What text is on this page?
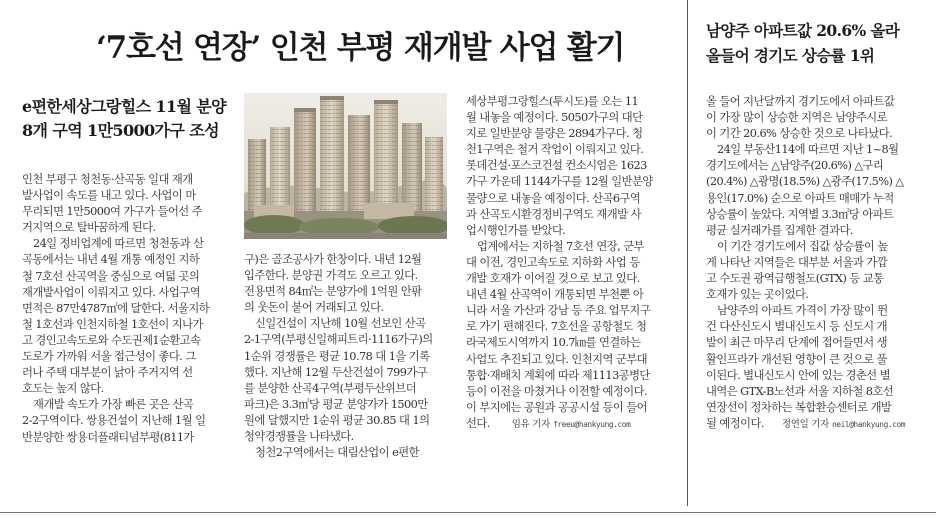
‘7호선 연장’ 인천 부평 재개발 사업 활기
e편한세상그랑힐스 11월 분양
8개 구역 1만5000가구 조성

인천 부평구 청천동·산곡동 일대 재개

발사업이 속도를 내고 있다. 사업이 마

무리되면 1만5000여 가구가 들어선 주

거지역으로 탈바꿈하게 된다.

24일 정비업계에 따르면 청천동과 산

곡동에서는 내년 4월 개통 예정인 지하

철 7호선 산곡역을 중심으로 여덟 곳의

재개발사업이 이뤄지고 있다. 사업구역

면적은 87만4787㎡에 달한다. 서울지하

철 1호선과 인천지하철 1호선이 지나가

고 경인고속도로와 수도권제1순환고속

도로가 가까워 서울 접근성이 좋다. 그

러나 주택 대부분이 낡아 주거지역 선

호도는 높지 않다.

재개발 속도가 가장 빠른 곳은 산곡

2-2구역이다. 쌍용건설이 지난해 1월 일

반분양한 쌍용더플래티넘부평(811가

구)은 골조공사가 한창이다. 내년 12월

입주한다. 분양권 가격도 오르고 있다.

전용면적 84㎡는 분양가에 1억원 안팎

의 웃돈이 붙어 거래되고 있다.

신일건설이 지난해 10월 선보인 산곡

2-1구역(부평신일해피트리·1116가구)의

1순위 경쟁률은 평균 10.78 대 1을 기록

했다. 지난해 12월 두산건설이 799가구

를 분양한 산곡4구역(부평두산위브더

파크)은 3.3㎡당 평균 분양가가 1500만

원에 달했지만 1순위 평균 30.85 대 1의

청약경쟁률을 나타냈다.

청천2구역에서는 대림산업이 e편한

세상부평그랑힐스(투시도)를 오는 11

월 내놓을 예정이다. 5050가구의 대단

지로 일반분양 물량은 2894가구다. 청

천1구역은 철거 작업이 이뤄지고 있다.

롯데건설·포스코건설 컨소시엄은 1623

가구 가운데 1144가구를 12월 일반분양

물량으로 내놓을 예정이다. 산곡6구역

과 산곡도시환경정비구역도 재개발 사

업시행인가를 받았다.

업계에서는 지하철 7호선 연장, 군부

대 이전, 경인고속도로 지하화 사업 등

개발 호재가 이어질 것으로 보고 있다.

내년 4월 산곡역이 개통되면 부천뿐 아

니라 서울 가산과 강남 등 주요 업무지구

로 가기 편해진다. 7호선을 공항철도 청

라국제도시역까지 10.7㎞를 연결하는

사업도 추진되고 있다. 인천지역 군부대

통합·재배치 계획에 따라 제1113공병단

등이 이전을 마쳤거나 이전할 예정이다.

이 부지에는 공원과 공공시설 등이 들어

선다. 임유 기자 freeu@hankyung.com

남양주 아파트값 20.6% 올라
올들어 경기도 상승률 1위

올 들어 지난달까지 경기도에서 아파트값

이 가장 많이 상승한 지역은 남양주시로

이 기간 20.6% 상승한 것으로 나타났다.

24일 부동산114에 따르면 지난 1~8월

경기도에서는 △남양주(20.6%) △구리

(20.4%) △광명(18.5%) △광주(17.5%) △

용인(17.0%) 순으로 아파트 매매가 누적

상승률이 높았다. 지역별 3.3㎡당 아파트

평균 실거래가를 집계한 결과다.

이 기간 경기도에서 집값 상승률이 높

게 나타난 지역들은 대부분 서울과 가깝

고 수도권 광역급행철도(GTX) 등 교통

호재가 있는 곳이었다.

남양주의 아파트 가격이 가장 많이 뛴

건 다산신도시 별내신도시 등 신도시 개

발이 최근 마무리 단계에 접어들면서 생

활인프라가 개선된 영향이 큰 것으로 풀

이된다. 별내신도시 안에 있는 경춘선 별

내역은 GTX-B노선과 서울 지하철 8호선

연장선이 정차하는 복합환승센터로 개발

될 예정이다. 정연일 기자 neil@hankyung.com
